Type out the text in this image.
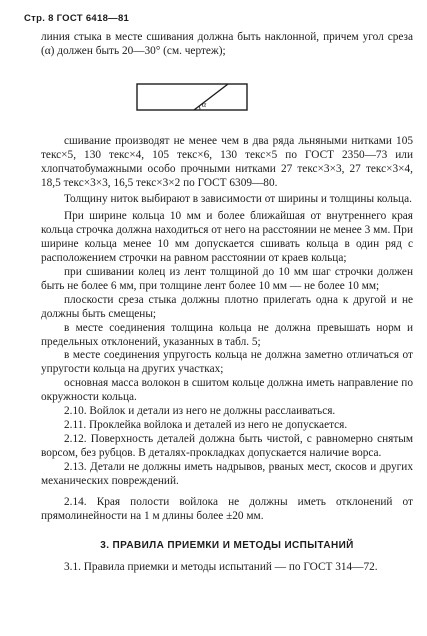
Стр. 8 ГОСТ 6418—81

линия стыка в месте сшивания должна быть наклонной, причем угол среза (α) должен быть 20—30° (см. чертеж);

α

сшивание производят не менее чем в два ряда льняными нитками 105 текс×5, 130 текс×4, 105 текс×6, 130 текс×5 по ГОСТ 2350—73 или хлопчатобумажными особо прочными нитками 27 текс×3×3, 27 текс×3×4, 18,5 текс×3×3, 16,5 текс×3×2 по ГОСТ 6309—80.

Толщину ниток выбирают в зависимости от ширины и толщины кольца.

При ширине кольца 10 мм и более ближайшая от внутреннего края кольца строчка должна находиться от него на расстоянии не менее 3 мм. При ширине кольца менее 10 мм допускается сшивать кольца в один ряд с расположением строчки на равном расстоянии от краев кольца;

при сшивании колец из лент толщиной до 10 мм шаг строчки должен быть не более 6 мм, при толщине лент более 10 мм — не более 10 мм;

плоскости среза стыка должны плотно прилегать одна к другой и не должны быть смещены;

в месте соединения толщина кольца не должна превышать норм и предельных отклонений, указанных в табл. 5;

в месте соединения упругость кольца не должна заметно отличаться от упругости кольца на других участках;

основная масса волокон в сшитом кольце должна иметь направление по окружности кольца.

2.10. Войлок и детали из него не должны расслаиваться.

2.11. Проклейка войлока и деталей из него не допускается.

2.12. Поверхность деталей должна быть чистой, с равномерно снятым ворсом, без рубцов. В деталях-прокладках допускается наличие ворса.

2.13. Детали не должны иметь надрывов, рваных мест, скосов и других механических повреждений.

2.14. Края полости войлока не должны иметь отклонений от прямолинейности на 1 м длины более ±20 мм.

3. ПРАВИЛА ПРИЕМКИ И МЕТОДЫ ИСПЫТАНИЙ

3.1. Правила приемки и методы испытаний — по ГОСТ 314—72.
